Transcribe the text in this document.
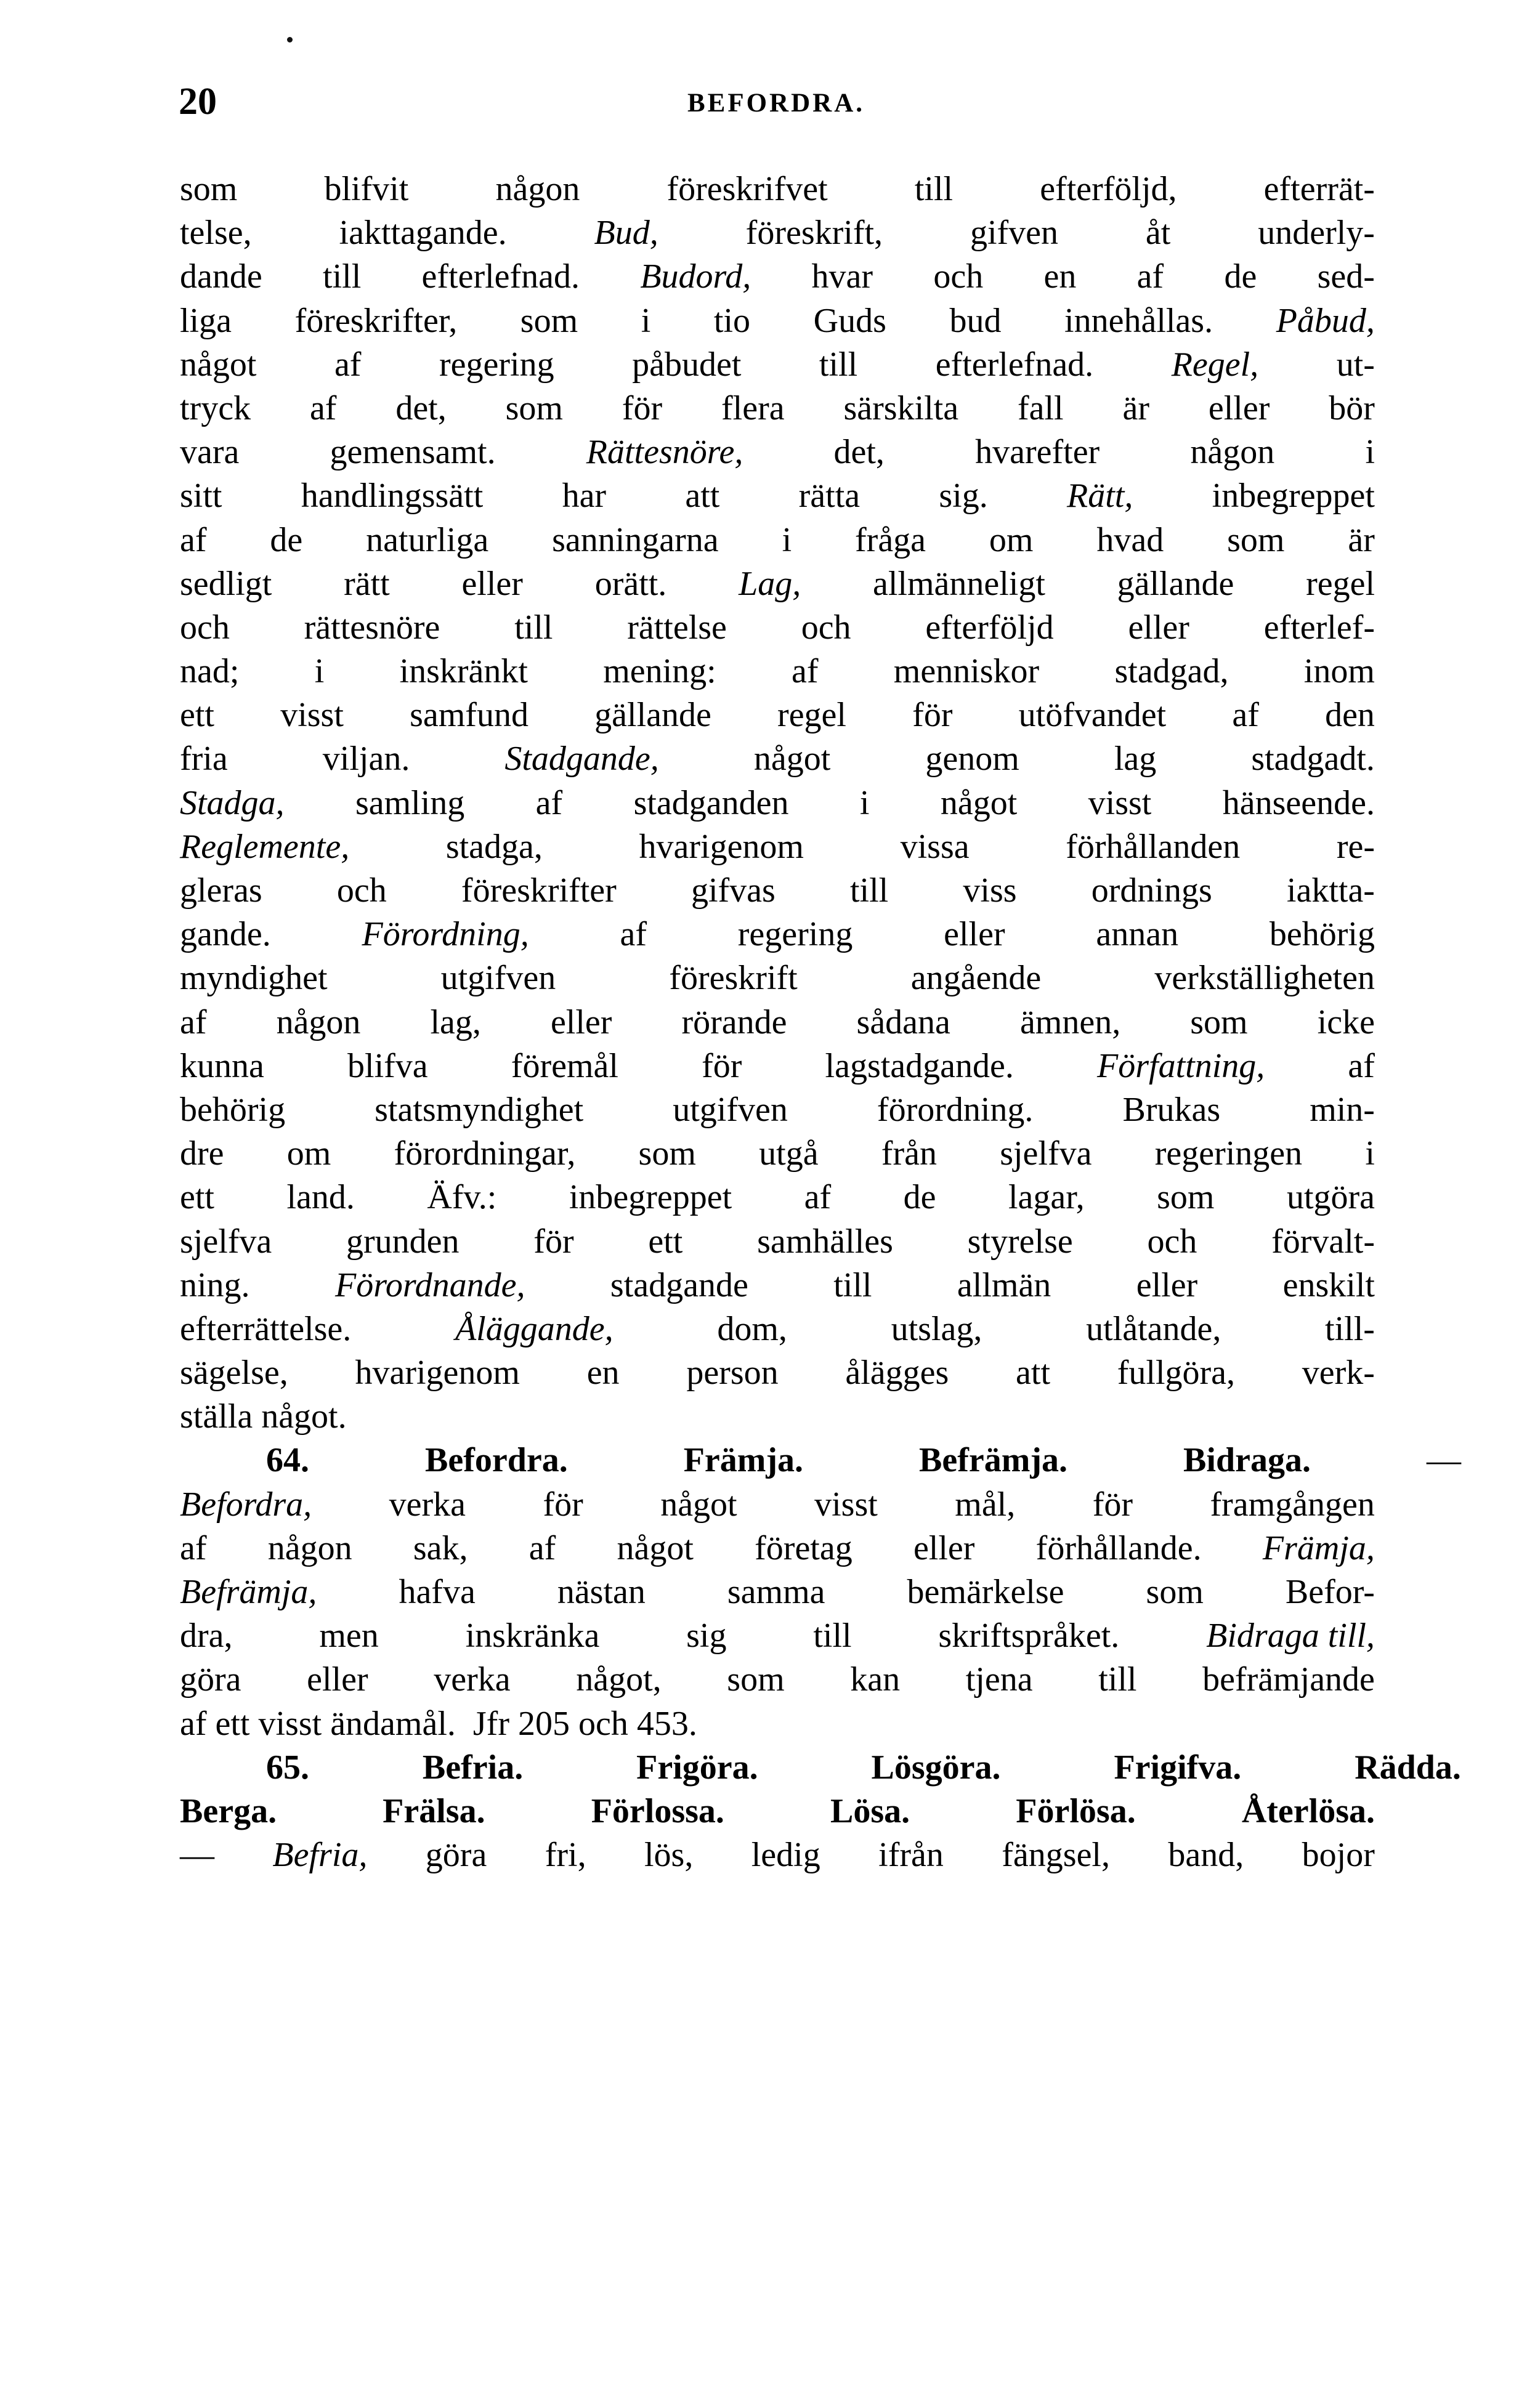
20	BEFORDRA.
som	blifvit	någon	föreskrifvet	till	efterföljd,	efterrät-
telse,	iakttagande.	Bud,	föreskrift,	gifven	åt	underly-
dande till efterlefnad. Budord, hvar och en af de sed-
liga föreskrifter, som i tio Guds bud innehållas. Påbud,
något af regering påbudet till efterlefnad. Regel, ut-
tryck af det, som för flera särskilta fall är eller bör
vara	gemensamt.	Rättesnöre,	det,	hvarefter	någon	i
sitt handlingssätt har att rätta sig. Rätt, inbegreppet
af de naturliga sanningarna i fråga om hvad som är
sedligt rätt eller orätt. Lag, allmänneligt gällande regel
och rättesnöre till rättelse och efterföljd eller efterlef-
nad; i inskränkt mening: af menniskor stadgad, inom
ett visst samfund gällande regel för utöfvandet af den
fria	viljan.	Stadgande,	något	genom	lag	stadgadt.
Stadga, samling af stadganden i något visst hänseende.
Reglemente,	stadga,	hvarigenom	vissa	förhållanden	re-
gleras och föreskrifter gifvas till viss ordnings iaktta-
gande.	Förordning,	af	regering	eller	annan	behörig
myndighet	utgifven	föreskrift	angående	verkställigheten
af någon lag, eller rörande sådana ämnen, som icke
kunna blifva föremål för lagstadgande. Författning, af
behörig	statsmyndighet	utgifven	förordning.	Brukas	min-
dre om förordningar, som utgå från sjelfva regeringen i
ett land. Äfv.: inbegreppet af de lagar, som utgöra
sjelfva grunden för ett samhälles styrelse och förvalt-
ning. Förordnande, stadgande till allmän eller enskilt
efterrättelse.	Åläggande,	dom,	utslag,	utlåtande,	till-
sägelse, hvarigenom en person ålägges att fullgöra, verk-
ställa
något.
64.	Befordra.	Främja.	Befrämja.	Bidraga.	—
Befordra, verka för något visst mål, för framgången
af någon sak, af något företag eller förhållande. Främja,
Befrämja, hafva nästan samma bemärkelse som Befor-
dra,	men	inskränka	sig	till	skriftspråket.	Bidraga till,
göra eller verka något, som kan tjena till befrämjande
af
ett
visst
ändamål.
Jfr
205
och
453.
65.	Befria.	Frigöra.	Lösgöra.	Frigifva.	Rädda.
Berga.	Frälsa.	Förlossa.	Lösa.	Förlösa.	Återlösa.
— Befria, göra fri, lös, ledig ifrån fängsel, band, bojor
